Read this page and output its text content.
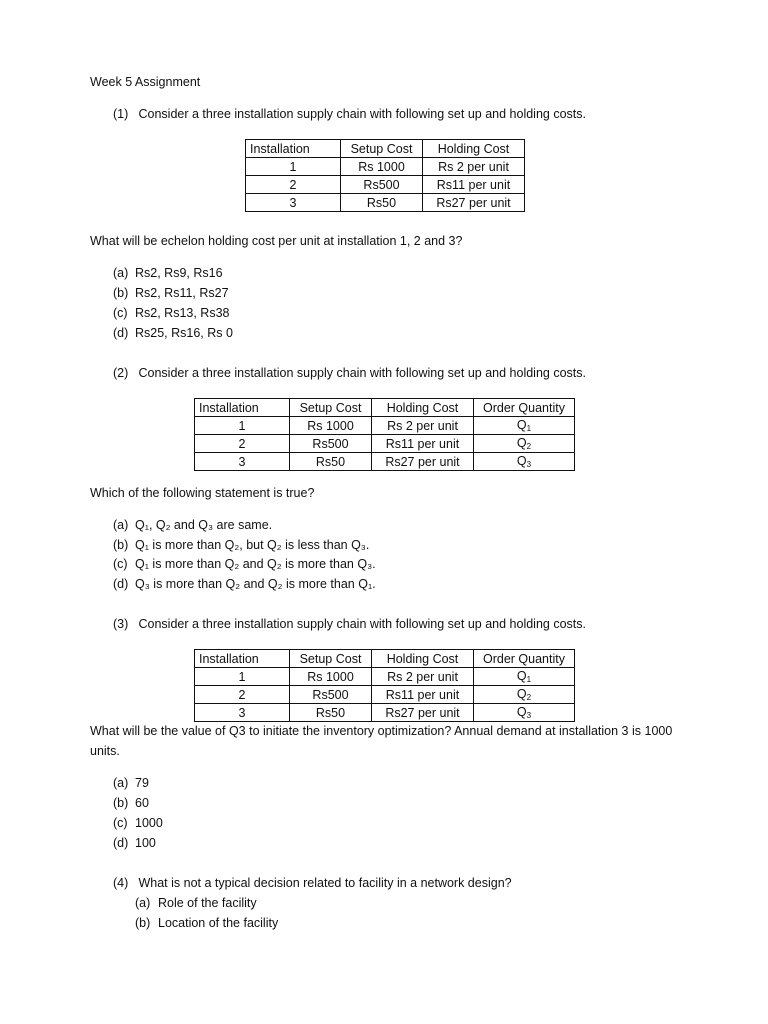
Week 5 Assignment
(1) Consider a three installation supply chain with following set up and holding costs.
Installation	Setup Cost	Holding Cost
1	Rs 1000	Rs 2 per unit
2	Rs500	Rs11 per unit
3	Rs50	Rs27 per unit
What will be echelon holding cost per unit at installation 1, 2 and 3?
(a) Rs2, Rs9, Rs16
(b) Rs2, Rs11, Rs27
(c) Rs2, Rs13, Rs38
(d) Rs25, Rs16, Rs 0
(2) Consider a three installation supply chain with following set up and holding costs.
Installation	Setup Cost	Holding Cost	Order Quantity
1	Rs 1000	Rs 2 per unit	$Q_1$
2	Rs500	Rs11 per unit	$Q_2$
3	Rs50	Rs27 per unit	$Q_3$
Which of the following statement is true?
(a) Q₁, Q₂ and Q₃ are same.
(b) Q₁ is more than Q₂, but Q₂ is less than Q₃.
(c) Q₁ is more than Q₂ and Q₂ is more than Q₃.
(d) Q₃ is more than Q₂ and Q₂ is more than Q₁.
(3) Consider a three installation supply chain with following set up and holding costs.
Installation	Setup Cost	Holding Cost	Order Quantity
1	Rs 1000	Rs 2 per unit	$Q_1$
2	Rs500	Rs11 per unit	$Q_2$
3	Rs50	Rs27 per unit	$Q_3$
What will be the value of Q3 to initiate the inventory optimization? Annual demand at installation 3 is 1000 units.
(a) 79
(b) 60
(c) 1000
(d) 100
(4) What is not a typical decision related to facility in a network design?
(a) Role of the facility
(b) Location of the facility
